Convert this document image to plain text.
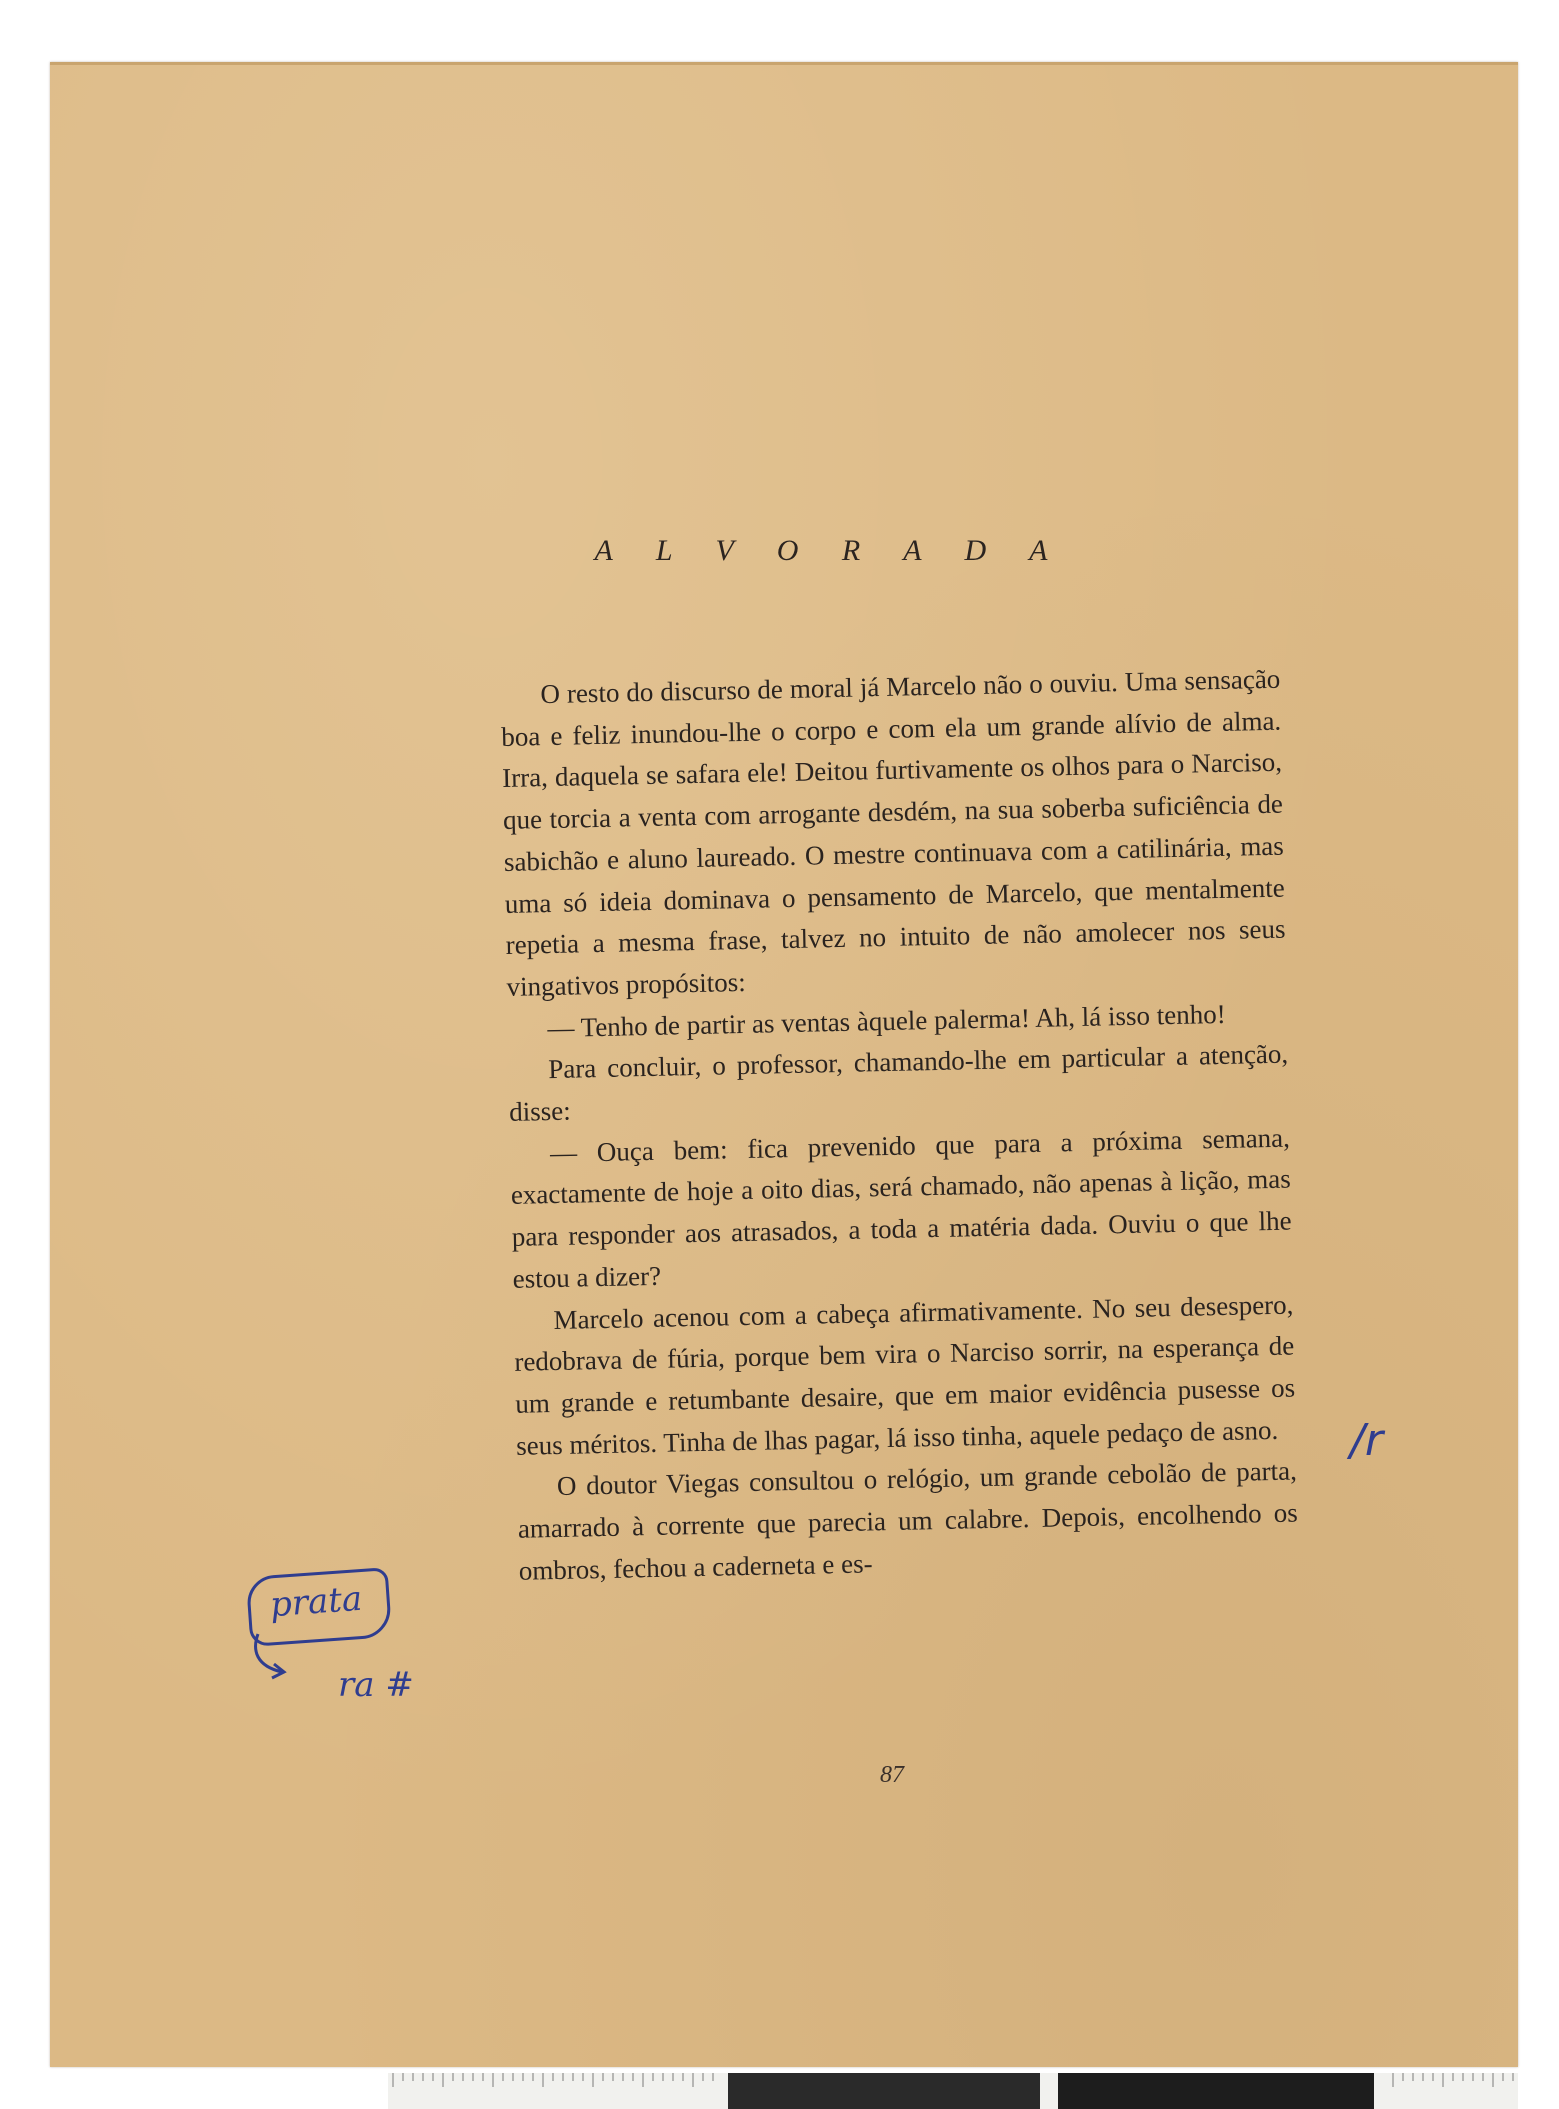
A L V O R A D A

O resto do discurso de moral já Marcelo não o ouviu. Uma sensação boa e feliz inundou-lhe o corpo e com ela um grande alívio de alma. Irra, daquela se safara ele! Deitou furtivamente os olhos para o Narciso, que torcia a venta com arrogante desdém, na sua soberba suficiência de sabichão e aluno laureado. O mestre continuava com a catilinária, mas uma só ideia dominava o pensamento de Marcelo, que mentalmente repetia a mesma frase, talvez no intuito de não amolecer nos seus vingativos propósitos:

— Tenho de partir as ventas àquele palerma! Ah, lá isso tenho!

Para concluir, o professor, chamando-lhe em particular a atenção, disse:

— Ouça bem: fica prevenido que para a próxima semana, exactamente de hoje a oito dias, será chamado, não apenas à lição, mas para responder aos atrasados, a toda a matéria dada. Ouviu o que lhe estou a dizer?

Marcelo acenou com a cabeça afirmativamente. No seu desespero, redobrava de fúria, porque bem vira o Narciso sorrir, na esperança de um grande e retumbante desaire, que em maior evidência pusesse os seus méritos. Tinha de lhas pagar, lá isso tinha, aquele pedaço de asno.

O doutor Viegas consultou o relógio, um grande cebolão de parta, amarrado à corrente que parecia um calabre. Depois, encolhendo os ombros, fechou a caderneta e es-

87
/r
prata
ra #
